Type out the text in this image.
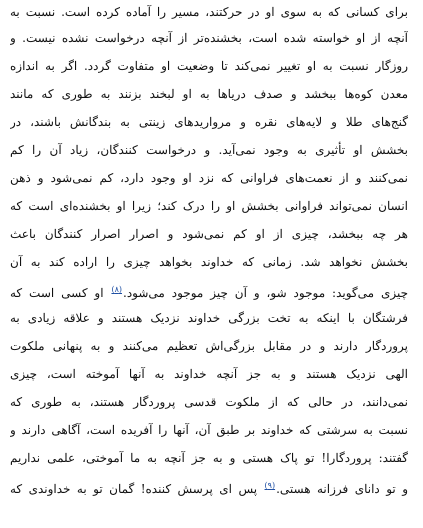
برای کسانی که به سوی او در حرکتند، مسیر را آماده کرده است. نسبت به
آنچه از او خواسته شده است، بخشنده‌تر از آنچه درخواست نشده نیست. و
روزگار نسبت به او تغییر نمی‌کند تا وضعیت او متفاوت گردد. اگر به اندازه
معدن کوه‌ها ببخشد و صدف دریاها به او لبخند بزنند به طوری که مانند
گنج‌های طلا و لایه‌های نقره و مرواریدهای زینتی به بندگانش باشند، در
بخشش او تأثیری به وجود نمی‌آید. و درخواست کنندگان، زیاد آن را کم
نمی‌کنند و از نعمت‌های فراوانی که نزد او وجود دارد، کم نمی‌شود و ذهن
انسان نمی‌تواند فراوانی بخشش او را درک کند؛ زیرا او بخشنده‌ای است که
هر چه ببخشد، چیزی از او کم نمی‌شود و اصرار اصرار کنندگان باعث
بخشش نخواهد شد. زمانی که خداوند بخواهد چیزی را اراده کند به آن
چیزی می‌گوید: موجود شو، و آن چیز موجود می‌شود.$^{(۸)}$ او کسی است که
فرشتگان با اینکه به تخت بزرگی خداوند نزدیک هستند و علاقه زیادی به
پروردگار دارند و در مقابل بزرگی‌اش تعظیم می‌کنند و به پنهانی ملکوت
الهی نزدیک هستند و به جز آنچه خداوند به آنها آموخته است، چیزی
نمی‌دانند، در حالی که از ملکوت قدسی پروردگار هستند، به طوری که
نسبت به سرشتی که خداوند بر طبق آن، آنها را آفریده است، آگاهی دارند و
گفتند: پروردگارا! تو پاک هستی و به جز آنچه به ما آموختی، علمی نداریم
و تو دانای فرزانه هستی.$^{(۹)}$ پس ای پرسش کننده! گمان تو به خداوندی که
